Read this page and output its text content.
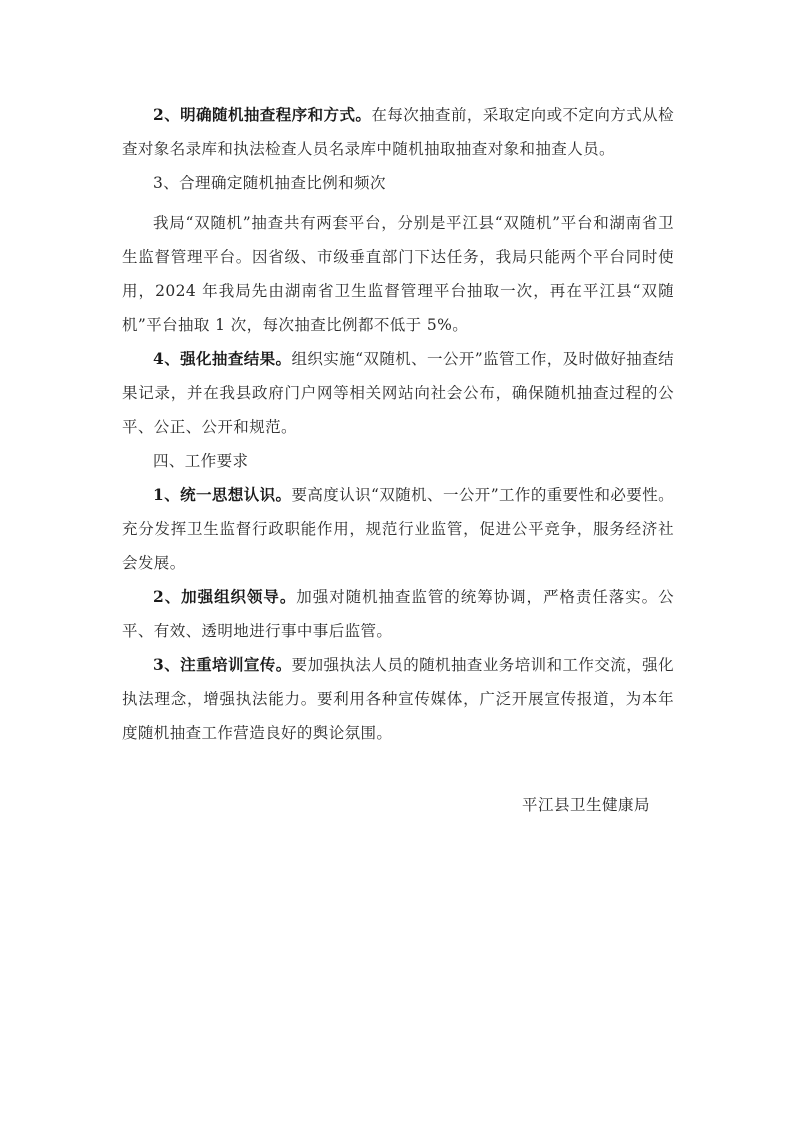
2、明确随机抽查程序和方式。在每次抽查前，采取定向或不定向方式从检查对象名录库和执法检查人员名录库中随机抽取抽查对象和抽查人员。

3、合理确定随机抽查比例和频次

我局“双随机”抽查共有两套平台，分别是平江县“双随机”平台和湖南省卫生监督管理平台。因省级、市级垂直部门下达任务，我局只能两个平台同时使用，2024 年我局先由湖南省卫生监督管理平台抽取一次，再在平江县“双随机”平台抽取 1 次，每次抽查比例都不低于 5%。

4、强化抽查结果。组织实施“双随机、一公开”监管工作，及时做好抽查结果记录，并在我县政府门户网等相关网站向社会公布，确保随机抽查过程的公平、公正、公开和规范。

四、工作要求

1、统一思想认识。要高度认识“双随机、一公开”工作的重要性和必要性。充分发挥卫生监督行政职能作用，规范行业监管，促进公平竞争，服务经济社会发展。

2、加强组织领导。加强对随机抽查监管的统筹协调，严格责任落实。公平、有效、透明地进行事中事后监管。

3、注重培训宣传。要加强执法人员的随机抽查业务培训和工作交流，强化执法理念，增强执法能力。要利用各种宣传媒体，广泛开展宣传报道，为本年度随机抽查工作营造良好的舆论氛围。

平江县卫生健康局
